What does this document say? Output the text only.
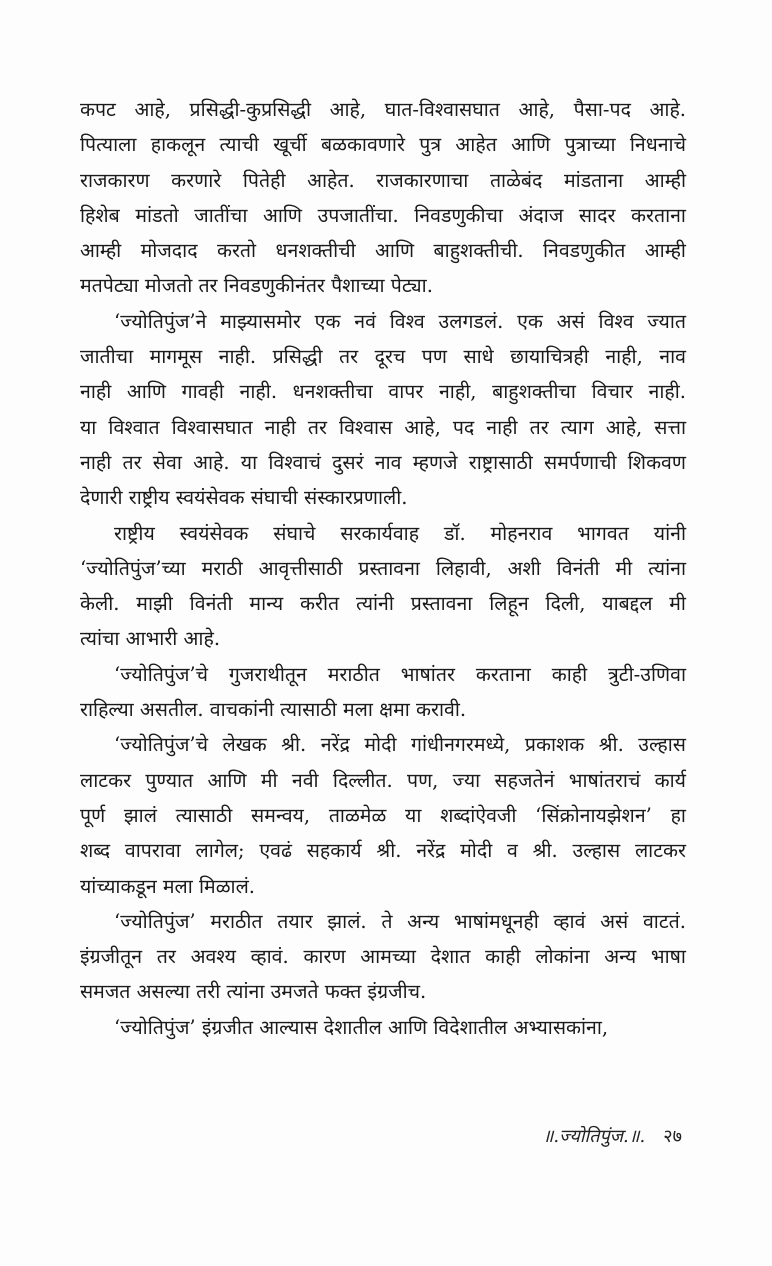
कपट आहे, प्रसिद्धी-कुप्रसिद्धी आहे, घात-विश्वासघात आहे, पैसा-पद आहे.
पित्याला हाकलून त्याची खूर्ची बळकावणारे पुत्र आहेत आणि पुत्राच्या निधनाचे
राजकारण करणारे पितेही आहेत. राजकारणाचा ताळेबंद मांडताना आम्ही
हिशेब मांडतो जातींचा आणि उपजातींचा. निवडणुकीचा अंदाज सादर करताना
आम्ही मोजदाद करतो धनशक्तीची आणि बाहुशक्तीची. निवडणुकीत आम्ही
मतपेट्या मोजतो तर निवडणुकीनंतर पैशाच्या पेट्या.
‘ज्योतिपुंज’ने माझ्यासमोर एक नवं विश्व उलगडलं. एक असं विश्व ज्यात
जातीचा मागमूस नाही. प्रसिद्धी तर दूरच पण साधे छायाचित्रही नाही, नाव
नाही आणि गावही नाही. धनशक्तीचा वापर नाही, बाहुशक्तीचा विचार नाही.
या विश्वात विश्वासघात नाही तर विश्वास आहे, पद नाही तर त्याग आहे, सत्ता
नाही तर सेवा आहे. या विश्वाचं दुसरं नाव म्हणजे राष्ट्रासाठी समर्पणाची शिकवण
देणारी राष्ट्रीय स्वयंसेवक संघाची संस्कारप्रणाली.
राष्ट्रीय स्वयंसेवक संघाचे सरकार्यवाह डॉ. मोहनराव भागवत यांनी
‘ज्योतिपुंज’च्या मराठी आवृत्तीसाठी प्रस्तावना लिहावी, अशी विनंती मी त्यांना
केली. माझी विनंती मान्य करीत त्यांनी प्रस्तावना लिहून दिली, याबद्दल मी
त्यांचा आभारी आहे.
‘ज्योतिपुंज’चे गुजराथीतून मराठीत भाषांतर करताना काही त्रुटी-उणिवा
राहिल्या असतील. वाचकांनी त्यासाठी मला क्षमा करावी.
‘ज्योतिपुंज’चे लेखक श्री. नरेंद्र मोदी गांधीनगरमध्ये, प्रकाशक श्री. उल्हास
लाटकर पुण्यात आणि मी नवी दिल्लीत. पण, ज्या सहजतेनं भाषांतराचं कार्य
पूर्ण झालं त्यासाठी समन्वय, ताळमेळ या शब्दांऐवजी ‘सिंक्रोनायझेशन’ हा
शब्द वापरावा लागेल; एवढं सहकार्य श्री. नरेंद्र मोदी व श्री. उल्हास लाटकर
यांच्याकडून मला मिळालं.
‘ज्योतिपुंज’ मराठीत तयार झालं. ते अन्य भाषांमधूनही व्हावं असं वाटतं.
इंग्रजीतून तर अवश्य व्हावं. कारण आमच्या देशात काही लोकांना अन्य भाषा
समजत असल्या तरी त्यांना उमजते फक्त इंग्रजीच.
‘ज्योतिपुंज’ इंग्रजीत आल्यास देशातील आणि विदेशातील अभ्यासकांना,
॥.ज्योतिपुंज.॥. २७
